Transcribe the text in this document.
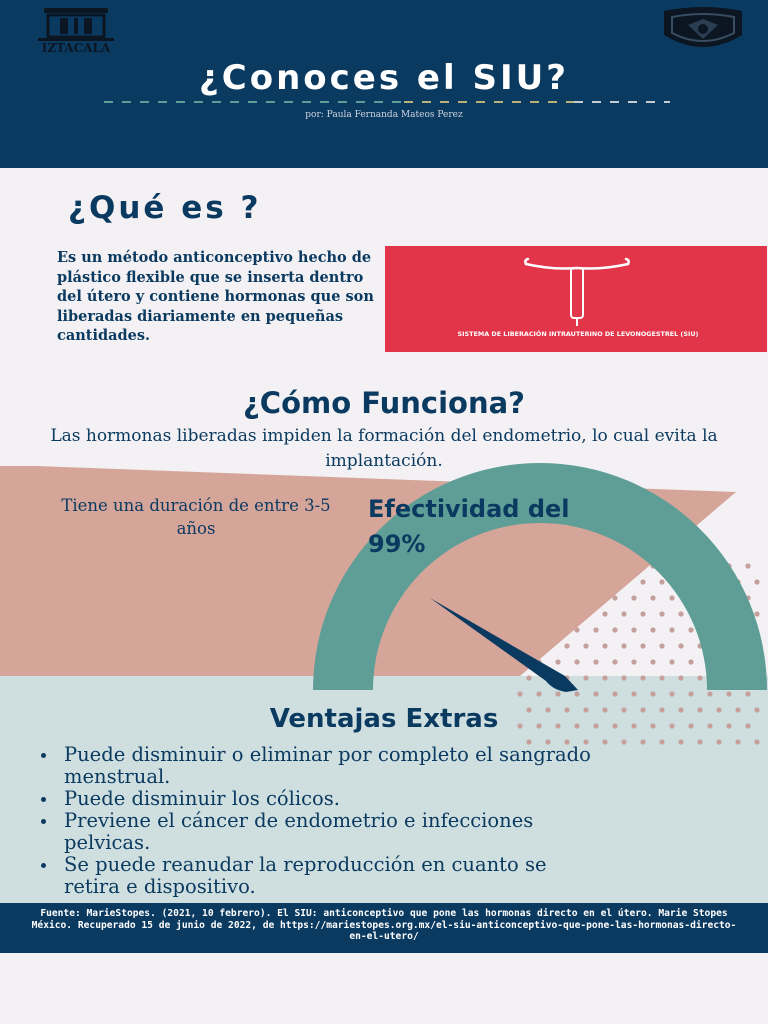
IZTACALA
¿Conoces el SIU?
por: Paula Fernanda Mateos Perez
¿Qué es ?
Es un método anticonceptivo hecho de plástico flexible que se inserta dentro del útero y contiene hormonas que son liberadas diariamente en pequeñas cantidades.	SISTEMA DE LIBERACIÓN INTRAUTERINO DE LEVONOGESTREL (SIU)
¿Cómo Funciona?
Las hormonas liberadas impiden la formación del endometrio, lo cual evita la implantación.
Tiene una duración de entre 3-5 años
Efectividad del 99%
Ventajas Extras
Puede disminuir o eliminar por completo el sangrado menstrual.
Puede disminuir los cólicos.
Previene el cáncer de endometrio e infecciones pelvicas.
Se puede reanudar la reproducción en cuanto se retira e dispositivo.
Fuente: MarieStopes. (2021, 10 febrero). El SIU: anticonceptivo que pone las hormonas directo en el útero. Marie Stopes México. Recuperado 15 de junio de 2022, de https://mariestopes.org.mx/el-siu-anticonceptivo-que-pone-las-hormonas-directo-en-el-utero/
